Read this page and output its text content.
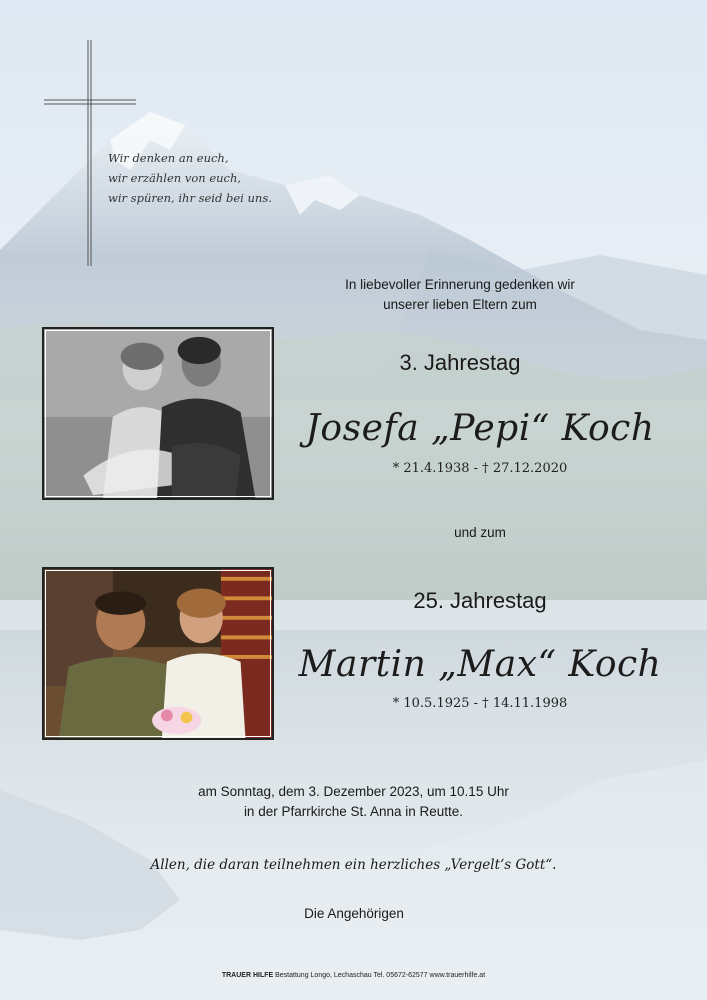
Wir denken an euch,
wir erzählen von euch,
wir spüren, ihr seid bei uns.
In liebevoller Erinnerung gedenken wir
unserer lieben Eltern zum
3. Jahrestag
Josefa „Pepi“ Koch
* 21.4.1938 - † 27.12.2020
und zum
25. Jahrestag
Martin „Max“ Koch
* 10.5.1925 - † 14.11.1998
am Sonntag, dem 3. Dezember 2023, um 10.15 Uhr
in der Pfarrkirche St. Anna in Reutte.
Allen, die daran teilnehmen ein herzliches „Vergelt‘s Gott“.
Die Angehörigen
TRAUER HILFE Bestattung Longo, Lechaschau Tel. 05672-62577 www.trauerhilfe.at
